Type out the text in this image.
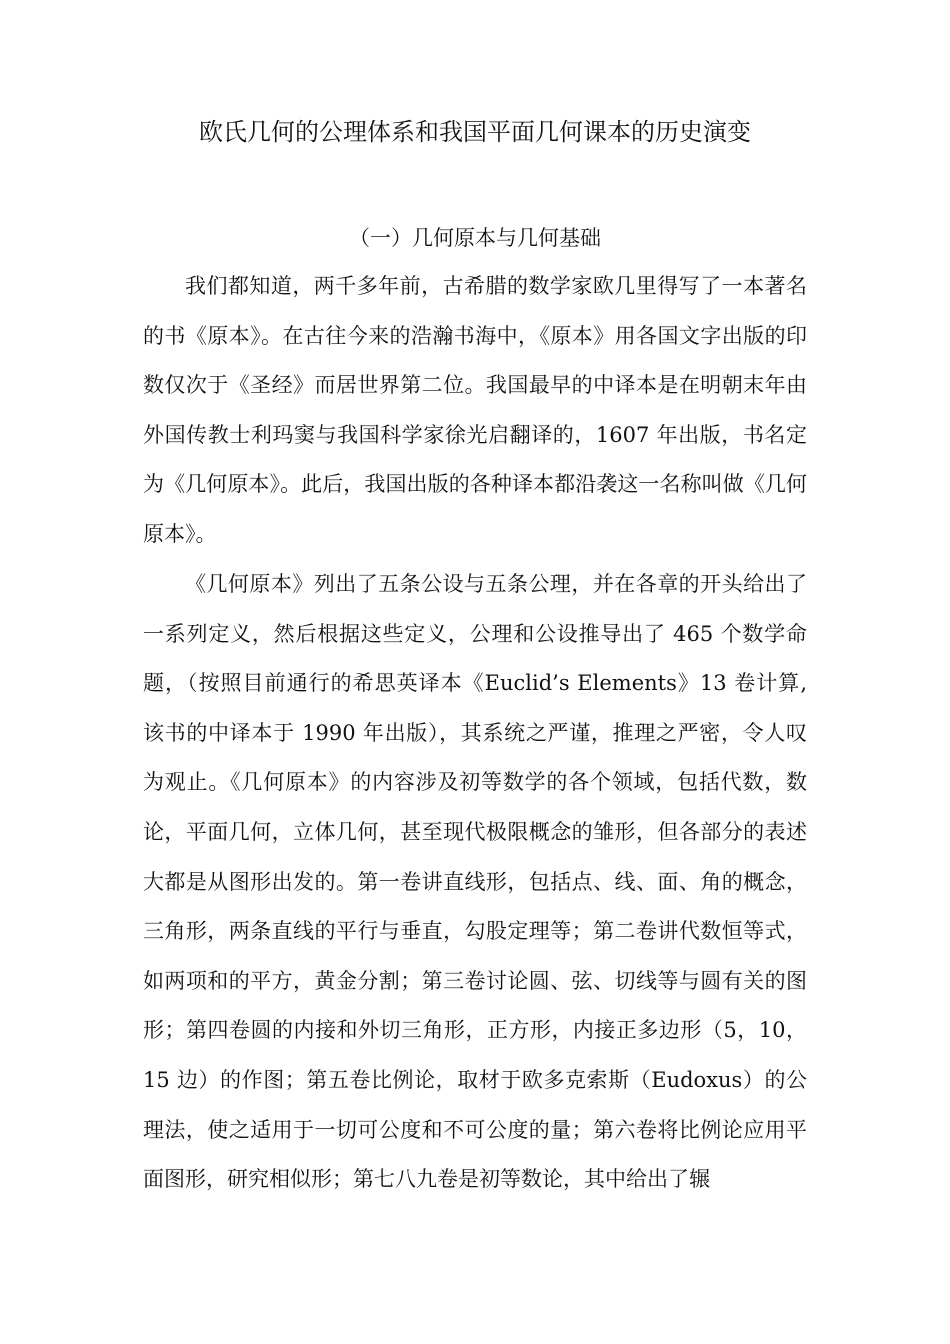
欧氏几何的公理体系和我国平面几何课本的历史演变
（一）几何原本与几何基础

我们都知道，两千多年前，古希腊的数学家欧几里得写了一本著名的书《原本》。在古往今来的浩瀚书海中，《原本》用各国文字出版的印数仅次于《圣经》而居世界第二位。我国最早的中译本是在明朝末年由外国传教士利玛窦与我国科学家徐光启翻译的，1607 年出版，书名定为《几何原本》。此后，我国出版的各种译本都沿袭这一名称叫做《几何原本》。

《几何原本》列出了五条公设与五条公理，并在各章的开头给出了一系列定义，然后根据这些定义，公理和公设推导出了 465 个数学命题，（按照目前通行的希思英译本《Euclid’s Elements》13 卷计算, 该书的中译本于 1990 年出版），其系统之严谨，推理之严密，令人叹为观止。《几何原本》的内容涉及初等数学的各个领域，包括代数，数论，平面几何，立体几何，甚至现代极限概念的雏形，但各部分的表述大都是从图形出发的。第一卷讲直线形，包括点、线、面、角的概念，三角形，两条直线的平行与垂直，勾股定理等；第二卷讲代数恒等式，如两项和的平方，黄金分割；第三卷讨论圆、弦、切线等与圆有关的图形；第四卷圆的内接和外切三角形，正方形，内接正多边形（5，10，15 边）的作图；第五卷比例论，取材于欧多克索斯（Eudoxus）的公理法，使之适用于一切可公度和不可公度的量；第六卷将比例论应用平面图形，研究相似形；第七八九卷是初等数论，其中给出了辗
